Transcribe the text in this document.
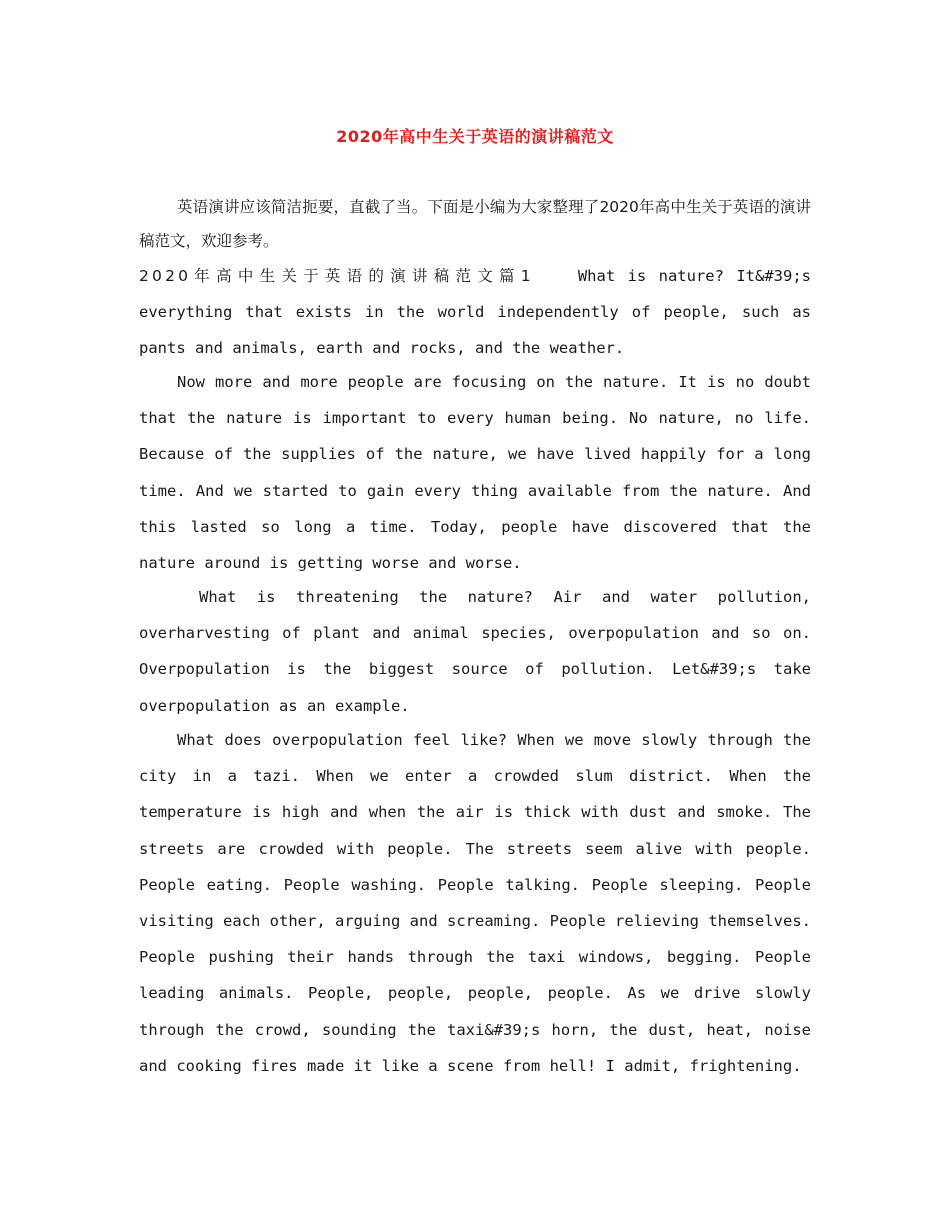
2020年高中生关于英语的演讲稿范文

英语演讲应该简洁扼要，直截了当。下面是小编为大家整理了2020年高中生关于英语的演讲稿范文，欢迎参考。

2020年高中生关于英语的演讲稿范文篇1	What is nature? It&#39;s everything that exists in the world independently of people, such as pants and animals, earth and rocks, and the weather.

Now more and more people are focusing on the nature. It is no doubt that the nature is important to every human being. No nature, no life. Because of the supplies of the nature, we have lived happily for a long time. And we started to gain every thing available from the nature. And this lasted so long a time. Today, people have discovered that the nature around is getting worse and worse.

What is threatening the nature? Air and water pollution, overharvesting of plant and animal species, overpopulation and so on. Overpopulation is the biggest source of pollution. Let&#39;s take overpopulation as an example.

What does overpopulation feel like? When we move slowly through the city in a tazi. When we enter a crowded slum district. When the temperature is high and when the air is thick with dust and smoke. The streets are crowded with people. The streets seem alive with people. People eating. People washing. People talking. People sleeping. People visiting each other, arguing and screaming. People relieving themselves. People pushing their hands through the taxi windows, begging. People leading animals. People, people, people, people. As we drive slowly through the crowd, sounding the taxi&#39;s horn, the dust, heat, noise and cooking fires made it like a scene from hell! I admit, frightening.
